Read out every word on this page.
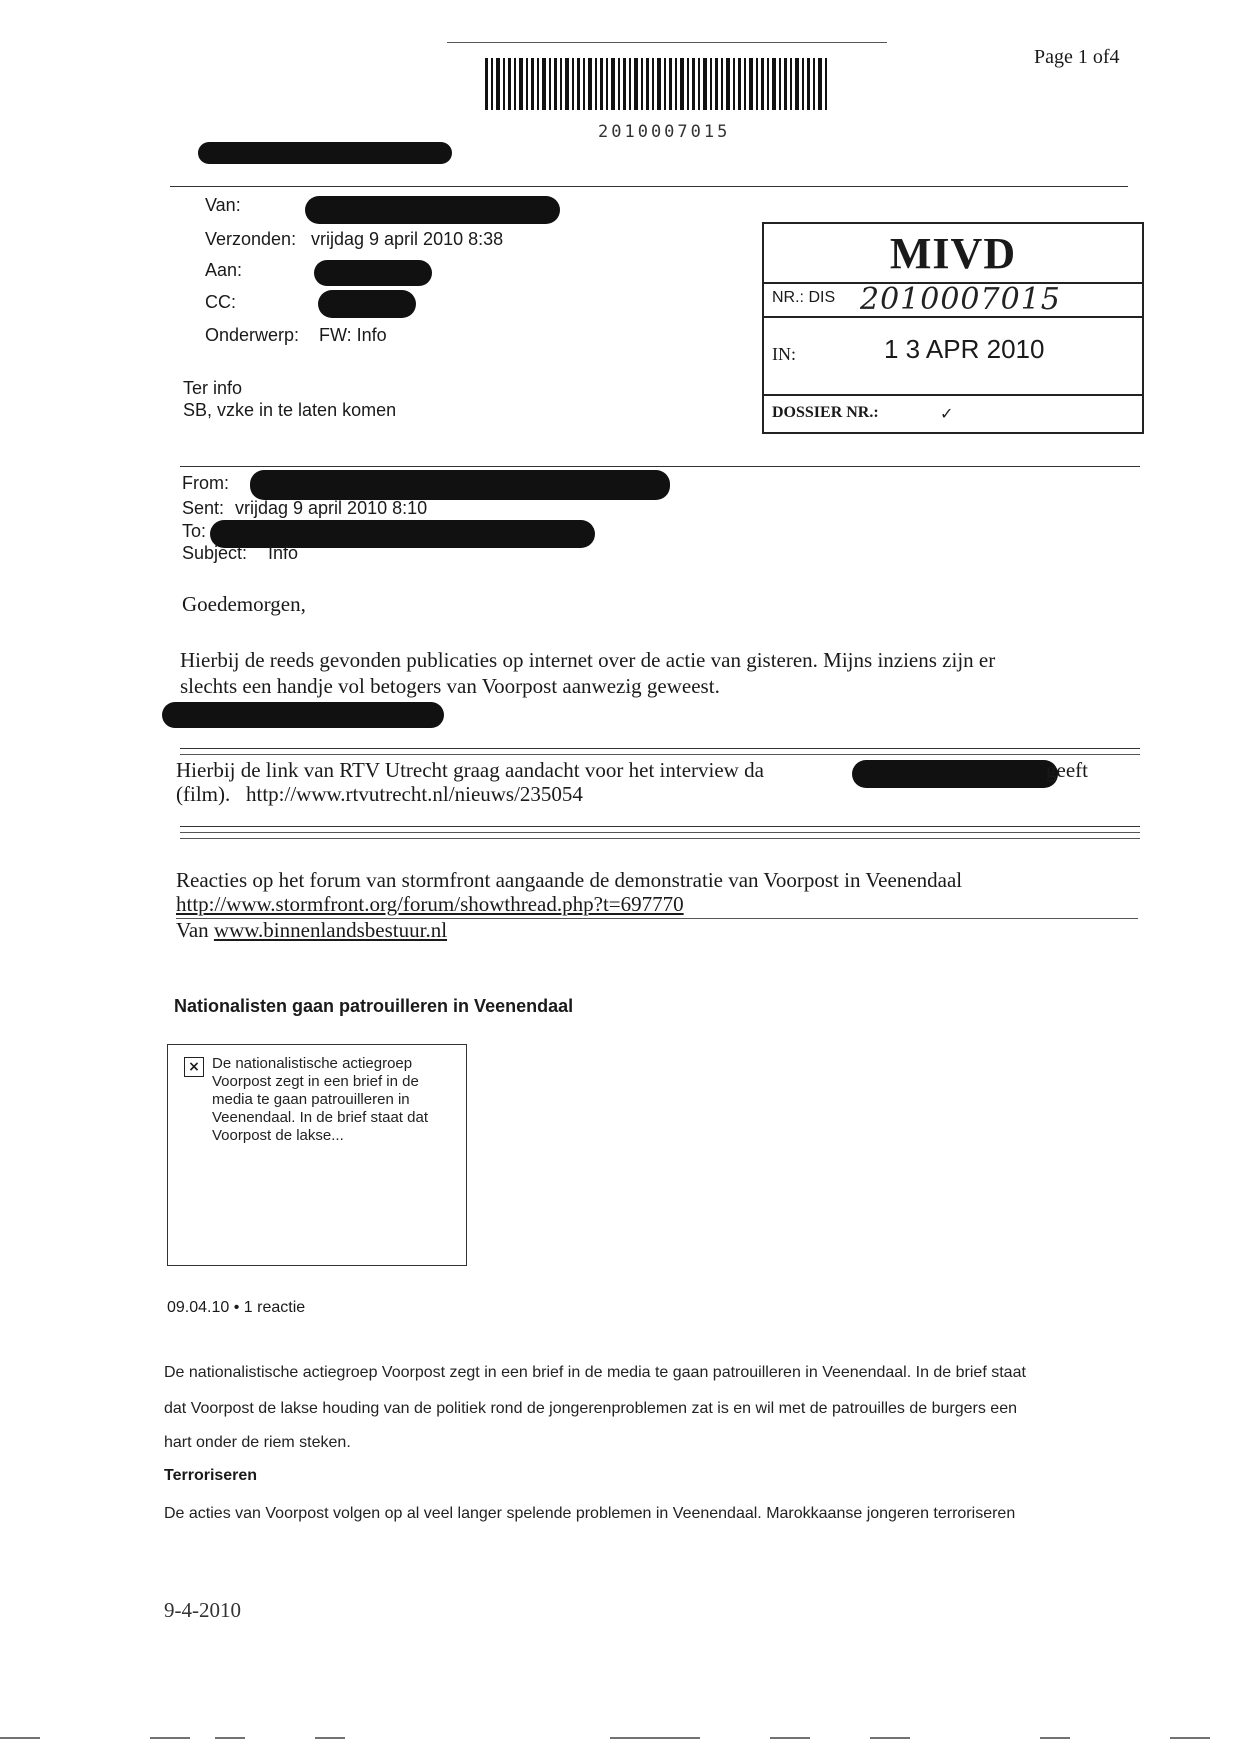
2010007015
Page 1 of4
Van:
Verzonden: vrijdag 9 april 2010 8:38
Aan:
CC:
Onderwerp: FW: Info
Ter info
SB, vzke in te laten komen
MIVD
NR.: DIS 2010007015
IN:	1 3 APR 2010
DOSSIER NR.:	✓
From:
Sent: vrijdag 9 april 2010 8:10
To:
Subject: Info
Goedemorgen,
Hierbij de reeds gevonden publicaties op internet over de actie van gisteren. Mijns inziens zijn er
slechts een handje vol betogers van Voorpost aanwezig geweest.
Hierbij de link van RTV Utrecht graag aandacht voor het interview da	geeft
(film). http://www.rtvutrecht.nl/nieuws/235054
Reacties op het forum van stormfront aangaande de demonstratie van Voorpost in Veenendaal
http://www.stormfront.org/forum/showthread.php?t=697770
Van www.binnenlandsbestuur.nl
Nationalisten gaan patrouilleren in Veenendaal
× De nationalistische actiegroep
Voorpost zegt in een brief in de
media te gaan patrouilleren in
Veenendaal. In de brief staat dat
Voorpost de lakse...
09.04.10 • 1 reactie
De nationalistische actiegroep Voorpost zegt in een brief in de media te gaan patrouilleren in Veenendaal. In de brief staat
dat Voorpost de lakse houding van de politiek rond de jongerenproblemen zat is en wil met de patrouilles de burgers een
hart onder de riem steken.
Terroriseren
De acties van Voorpost volgen op al veel langer spelende problemen in Veenendaal. Marokkaanse jongeren terroriseren
9-4-2010
